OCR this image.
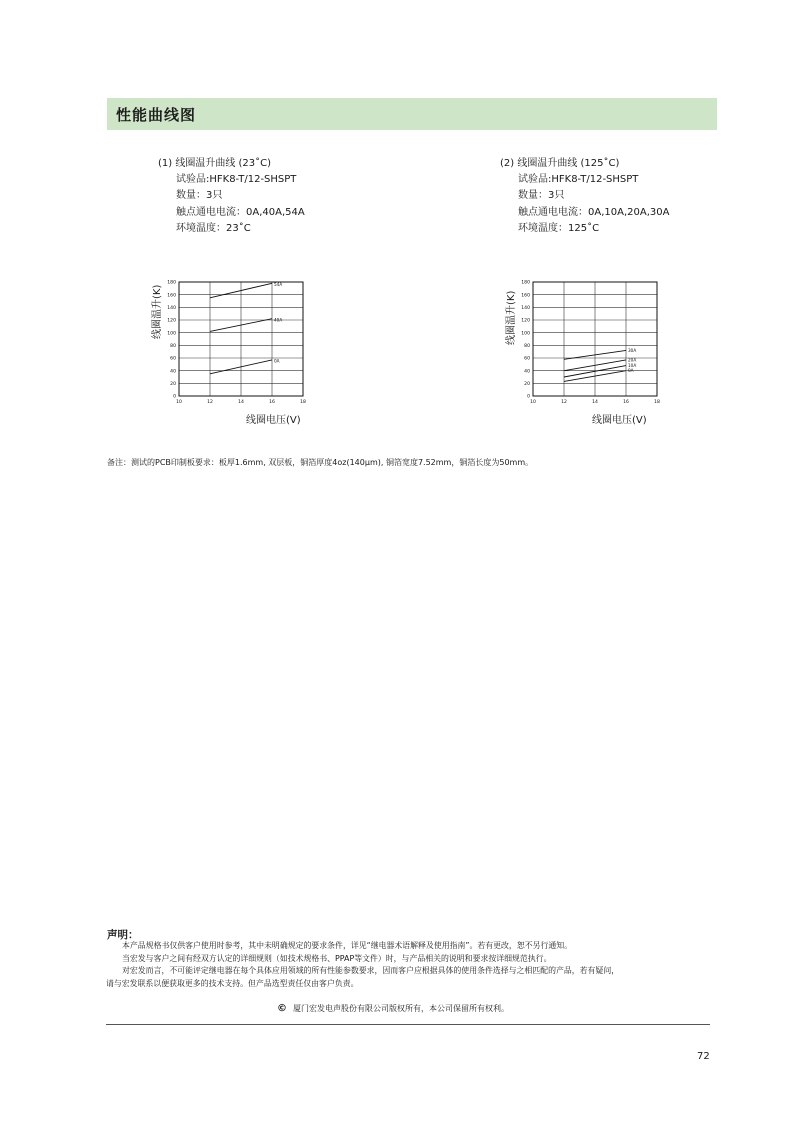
性能曲线图
(1) 线圈温升曲线 (23˚C)
试验品:HFK8-T/12-SHSPT
数量：3只
触点通电电流：0A,40A,54A
环境温度：23˚C
(2) 线圈温升曲线 (125˚C)
试验品:HFK8-T/12-SHSPT
数量：3只
触点通电电流：0A,10A,20A,30A
环境温度：125˚C
线圈温升(K)
0
20
40
60
80
100
120
140
160
180
10	12	14	16	18
54A
40A
0A
线圈电压(V)
线圈温升(K)
0
20
40
60
80
100
120
140
160
180
10	12	14	16	18
30A
20A
10A
0A
线圈电压(V)
备注：测试的PCB印制板要求：板厚1.6mm, 双层板，铜箔厚度4oz(140μm), 铜箔宽度7.52mm，铜箔长度为50mm。
声明：

本产品规格书仅供客户使用时参考，其中未明确规定的要求条件，详见“继电器术语解释及使用指南”。若有更改，恕不另行通知。

当宏发与客户之间有经双方认定的详细规则（如技术规格书、PPAP等文件）时，与产品相关的说明和要求按详细规范执行。

对宏发而言，不可能评定继电器在每个具体应用领域的所有性能参数要求，因而客户应根据具体的使用条件选择与之相匹配的产品，若有疑问，

请与宏发联系以便获取更多的技术支持。但产品选型责任仅由客户负责。

© 厦门宏发电声股份有限公司版权所有，本公司保留所有权利。
72
